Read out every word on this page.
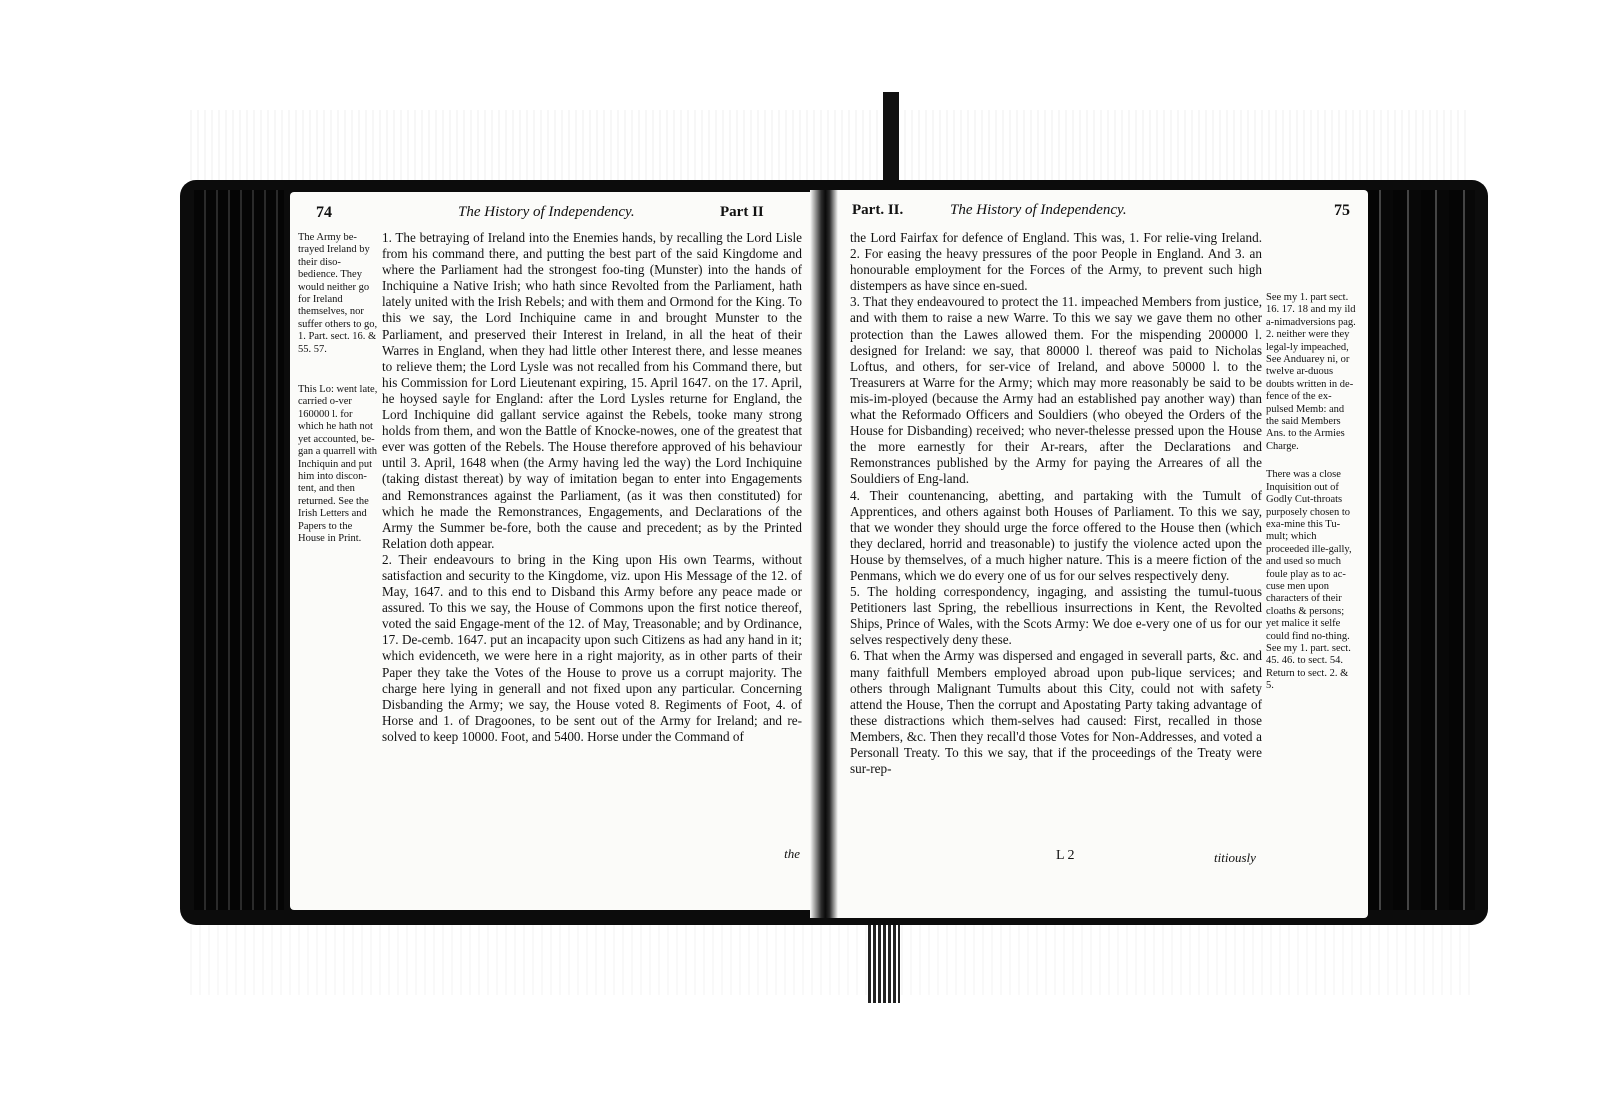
74	The History of Independency.	Part II
The Army be-trayed Ireland by their diso-bedience. They would neither go for Ireland themselves, nor suffer others to go, 1. Part. sect. 16. & 55. 57.
This Lo: went late, carried o-ver 160000 l. for which he hath not yet accounted, be-gan a quarrell with Inchiquin and put him into discon-tent, and then returned. See the Irish Letters and Papers to the House in Print.

1. The betraying of Ireland into the Enemies hands, by recalling the Lord Lisle from his command there, and putting the best part of the said Kingdome and where the Parliament had the strongest foo-ting (Munster) into the hands of Inchiquine a Native Irish; who hath since Revolted from the Parliament, hath lately united with the Irish Rebels; and with them and Ormond for the King. To this we say, the Lord Inchiquine came in and brought Munster to the Parliament, and preserved their Interest in Ireland, in all the heat of their Warres in England, when they had little other Interest there, and lesse meanes to relieve them; the Lord Lysle was not recalled from his Command there, but his Commission for Lord Lieutenant expiring, 15. April 1647. on the 17. April, he hoysed sayle for England: after the Lord Lysles returne for England, the Lord Inchiquine did gallant service against the Rebels, tooke many strong holds from them, and won the Battle of Knocke-nowes, one of the greatest that ever was gotten of the Rebels. The House therefore approved of his behaviour until 3. April, 1648 when (the Army having led the way) the Lord Inchiquine (taking distast thereat) by way of imitation began to enter into Engagements and Remonstrances against the Parliament, (as it was then constituted) for which he made the Remonstrances, Engagements, and Declarations of the Army the Summer be-fore, both the cause and precedent; as by the Printed Relation doth appear.

2. Their endeavours to bring in the King upon His own Tearms, without satisfaction and security to the Kingdome, viz. upon His Message of the 12. of May, 1647. and to this end to Disband this Army before any peace made or assured. To this we say, the House of Commons upon the first notice thereof, voted the said Engage-ment of the 12. of May, Treasonable; and by Ordinance, 17. De-cemb. 1647. put an incapacity upon such Citizens as had any hand in it; which evidenceth, we were here in a right majority, as in other parts of their Paper they take the Votes of the House to prove us a corrupt majority. The charge here lying in generall and not fixed upon any particular. Concerning Disbanding the Army; we say, the House voted 8. Regiments of Foot, 4. of Horse and 1. of Dragoones, to be sent out of the Army for Ireland; and re-solved to keep 10000. Foot, and 5400. Horse under the Command of

the
Part. II.	The History of Independency.	75

the Lord Fairfax for defence of England. This was, 1. For relie-ving Ireland. 2. For easing the heavy pressures of the poor People in England. And 3. an honourable employment for the Forces of the Army, to prevent such high distempers as have since en-sued.

3. That they endeavoured to protect the 11. impeached Members from justice, and with them to raise a new Warre. To this we say we gave them no other protection than the Lawes allowed them. For the mispending 200000 l. designed for Ireland: we say, that 80000 l. thereof was paid to Nicholas Loftus, and others, for ser-vice of Ireland, and above 50000 l. to the Treasurers at Warre for the Army; which may more reasonably be said to be mis-im-ployed (because the Army had an established pay another way) than what the Reformado Officers and Souldiers (who obeyed the Orders of the House for Disbanding) received; who never-thelesse pressed upon the House the more earnestly for their Ar-rears, after the Declarations and Remonstrances published by the Army for paying the Arreares of all the Souldiers of Eng-land.

4. Their countenancing, abetting, and partaking with the Tumult of Apprentices, and others against both Houses of Parliament. To this we say, that we wonder they should urge the force offered to the House then (which they declared, horrid and treasonable) to justify the violence acted upon the House by themselves, of a much higher nature. This is a meere fiction of the Penmans, which we do every one of us for our selves respectively deny.

5. The holding correspondency, ingaging, and assisting the tumul-tuous Petitioners last Spring, the rebellious insurrections in Kent, the Revolted Ships, Prince of Wales, with the Scots Army: We doe e-very one of us for our selves respectively deny these.

6. That when the Army was dispersed and engaged in severall parts, &c. and many faithfull Members employed abroad upon pub-lique services; and others through Malignant Tumults about this City, could not with safety attend the House, Then the corrupt and Apostating Party taking advantage of these distractions which them-selves had caused: First, recalled in those Members, &c. Then they recall'd those Votes for Non-Addresses, and voted a Personall Treaty. To this we say, that if the proceedings of the Treaty were sur-rep-

See my 1. part sect. 16. 17. 18 and my ild a-nimadversions pag. 2. neither were they legal-ly impeached, See Anduarey ni, or twelve ar-duous doubts written in de-fence of the ex-pulsed Memb: and the said Members Ans. to the Armies Charge.
There was a close Inquisition out of Godly Cut-throats purposely chosen to exa-mine this Tu-mult; which proceeded ille-gally, and used so much foule play as to ac-cuse men upon characters of their cloaths & persons; yet malice it selfe could find no-thing. See my 1. part. sect. 45. 46. to sect. 54. Return to sect. 2. & 5.
L 2	titiously
